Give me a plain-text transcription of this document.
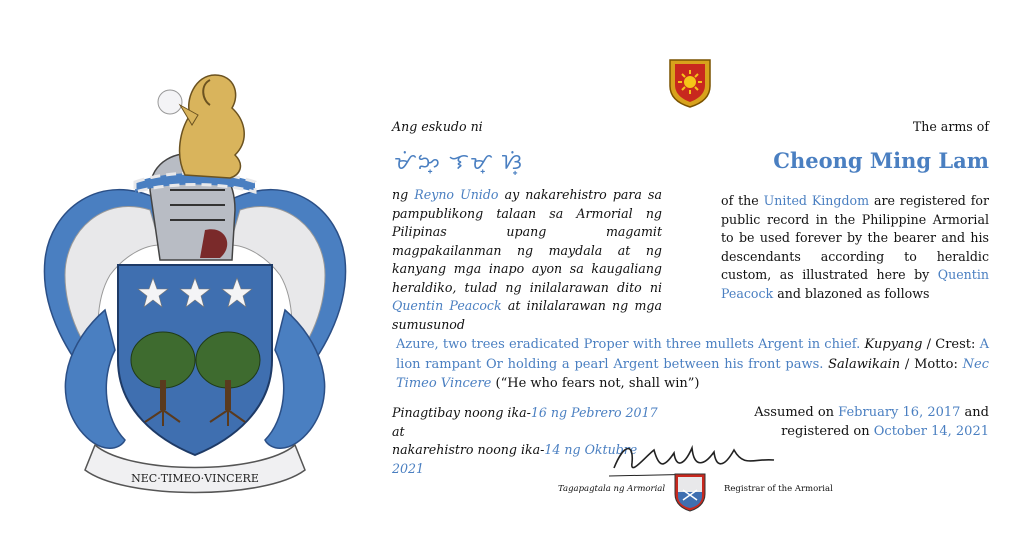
NEC·TIMEO·VINCERE
Ang eskudo ni
ᜋᜒᜅ᜔ ᜎᜋ᜔ ᜐᜒ᜔
ng Reyno Unido ay nakarehistro para sa pampublikong talaan sa Armorial ng Pilipinas upang magamit magpakailanman ng maydala at ng kanyang mga inapo ayon sa kaugaliang heraldiko, tulad ng inilalarawan dito ni Quentin Peacock at inilalarawan ng mga sumusunod
The arms of
Cheong Ming Lam
of the United Kingdom are registered for public record in the Philippine Armorial to be used forever by the bearer and his descendants according to heraldic custom, as illustrated here by Quentin Peacock and blazoned as follows
Azure, two trees eradicated Proper with three mullets Argent in chief. Kupyang / Crest: A lion rampant Or holding a pearl Argent between his front paws. Salawikain / Motto: Nec Timeo Vincere (“He who fears not, shall win”)
Pinagtibay noong ika-16 ng Pebrero 2017 at
nakarehistro noong ika-14 ng Oktubre 2021
Assumed on February 16, 2017 and
registered on October 14, 2021
Tagapagtala ng Armorial	Registrar of the Armorial
